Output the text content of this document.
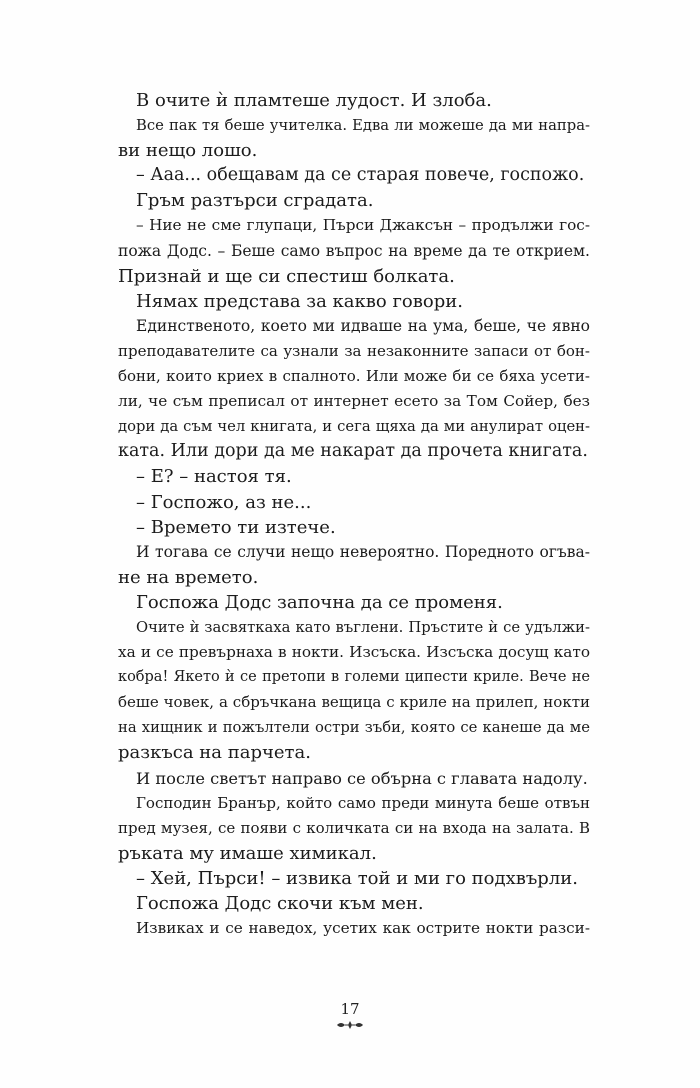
В очите ѝ пламтеше лудост. И злоба.
Все пак тя беше учителка. Едва ли можеше да ми напра-
ви нещо лошо.
– Ааа... обещавам да се старая повече, госпожо.
Гръм разтърси сградата.
– Ние не сме глупаци, Пърси Джаксън – продължи гос-
пожа Додс. – Беше само въпрос на време да те открием.
Признай и ще си спестиш болката.
Нямах представа за какво говори.
Единственото, което ми идваше на ума, беше, че явно
преподавателите са узнали за незаконните запаси от бон-
бони, които криех в спалното. Или може би се бяха усети-
ли, че съм преписал от интернет есето за Том Сойер, без
дори да съм чел книгата, и сега щяха да ми анулират оцен-
ката. Или дори да ме накарат да прочета книгата.
– Е? – настоя тя.
– Госпожо, аз не...
– Времето ти изтече.
И тогава се случи нещо невероятно. Поредното огъва-
не на времето.
Госпожа Додс започна да се променя.
Очите ѝ засвяткаха като въглени. Пръстите ѝ се удължи-
ха и се превърнаха в нокти. Изсъска. Изсъска досущ като
кобра! Якето ѝ се претопи в големи ципести криле. Вече не
беше човек, а сбръчкана вещица с криле на прилеп, нокти
на хищник и пожълтели остри зъби, която се канеше да ме
разкъса на парчета.
И после светът направо се обърна с главата надолу.
Господин Бранър, който само преди минута беше отвън
пред музея, се появи с количката си на входа на залата. В
ръката му имаше химикал.
– Хей, Пърси! – извика той и ми го подхвърли.
Госпожа Додс скочи към мен.
Извиках и се наведох, усетих как острите нокти разси-
17
